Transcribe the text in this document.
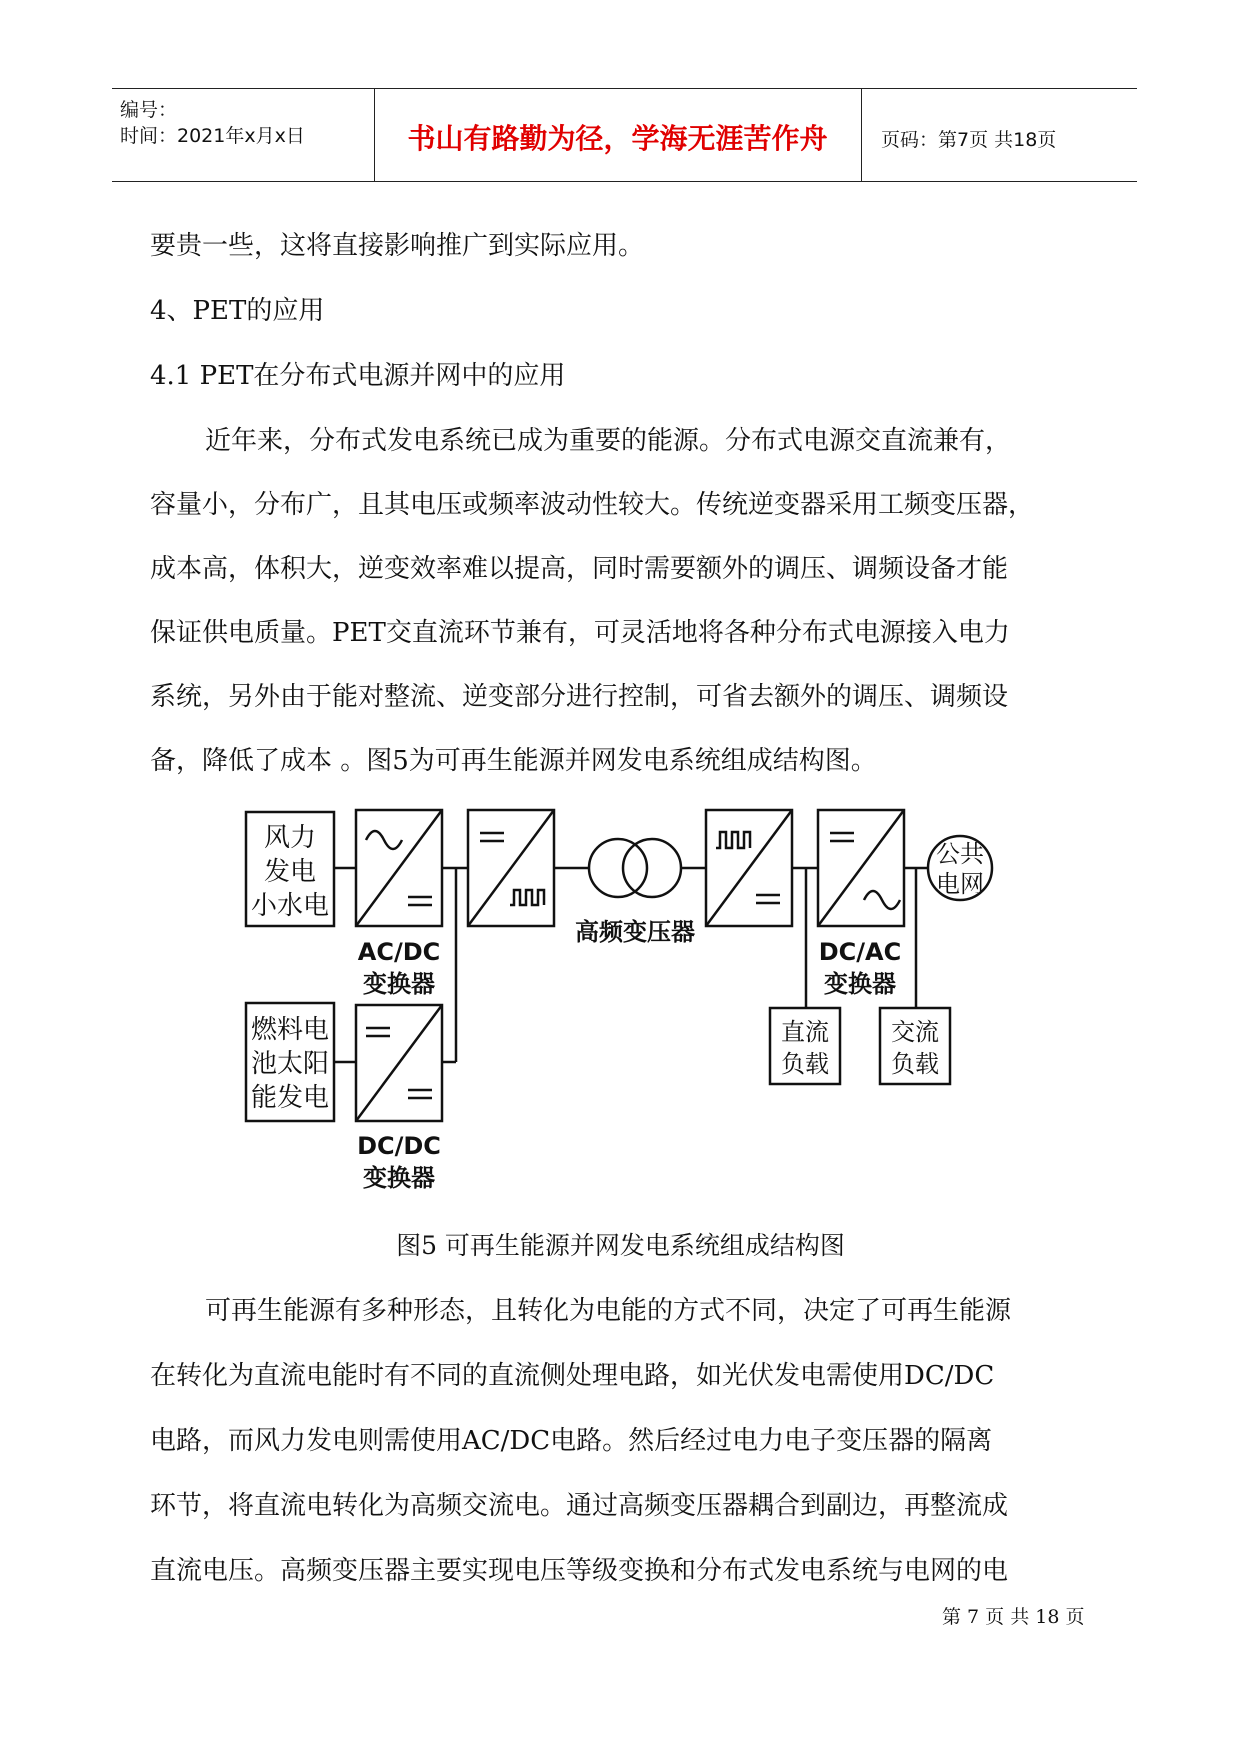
编号：
时间：2021年x月x日	书山有路勤为径，学海无涯苦作舟	页码：第7页 共18页
要贵一些，这将直接影响推广到实际应用。
4、PET的应用
4.1 PET在分布式电源并网中的应用
近年来，分布式发电系统已成为重要的能源。分布式电源交直流兼有，
容量小，分布广，且其电压或频率波动性较大。传统逆变器采用工频变压器，
成本高，体积大，逆变效率难以提高，同时需要额外的调压、调频设备才能
保证供电质量。PET交直流环节兼有，可灵活地将各种分布式电源接入电力
系统，另外由于能对整流、逆变部分进行控制，可省去额外的调压、调频设
备，降低了成本 。图5为可再生能源并网发电系统组成结构图。
风力
发电
小水电
燃料电
池太阳
能发电
AC/DC
变换器
DC/DC
变换器
高频变压器
DC/AC
变换器
公共
电网
直流
负载
交流
负载
图5 可再生能源并网发电系统组成结构图
可再生能源有多种形态，且转化为电能的方式不同，决定了可再生能源
在转化为直流电能时有不同的直流侧处理电路，如光伏发电需使用DC/DC
电路，而风力发电则需使用AC/DC电路。然后经过电力电子变压器的隔离
环节，将直流电转化为高频交流电。通过高频变压器耦合到副边，再整流成
直流电压。高频变压器主要实现电压等级变换和分布式发电系统与电网的电
第 7 页 共 18 页
